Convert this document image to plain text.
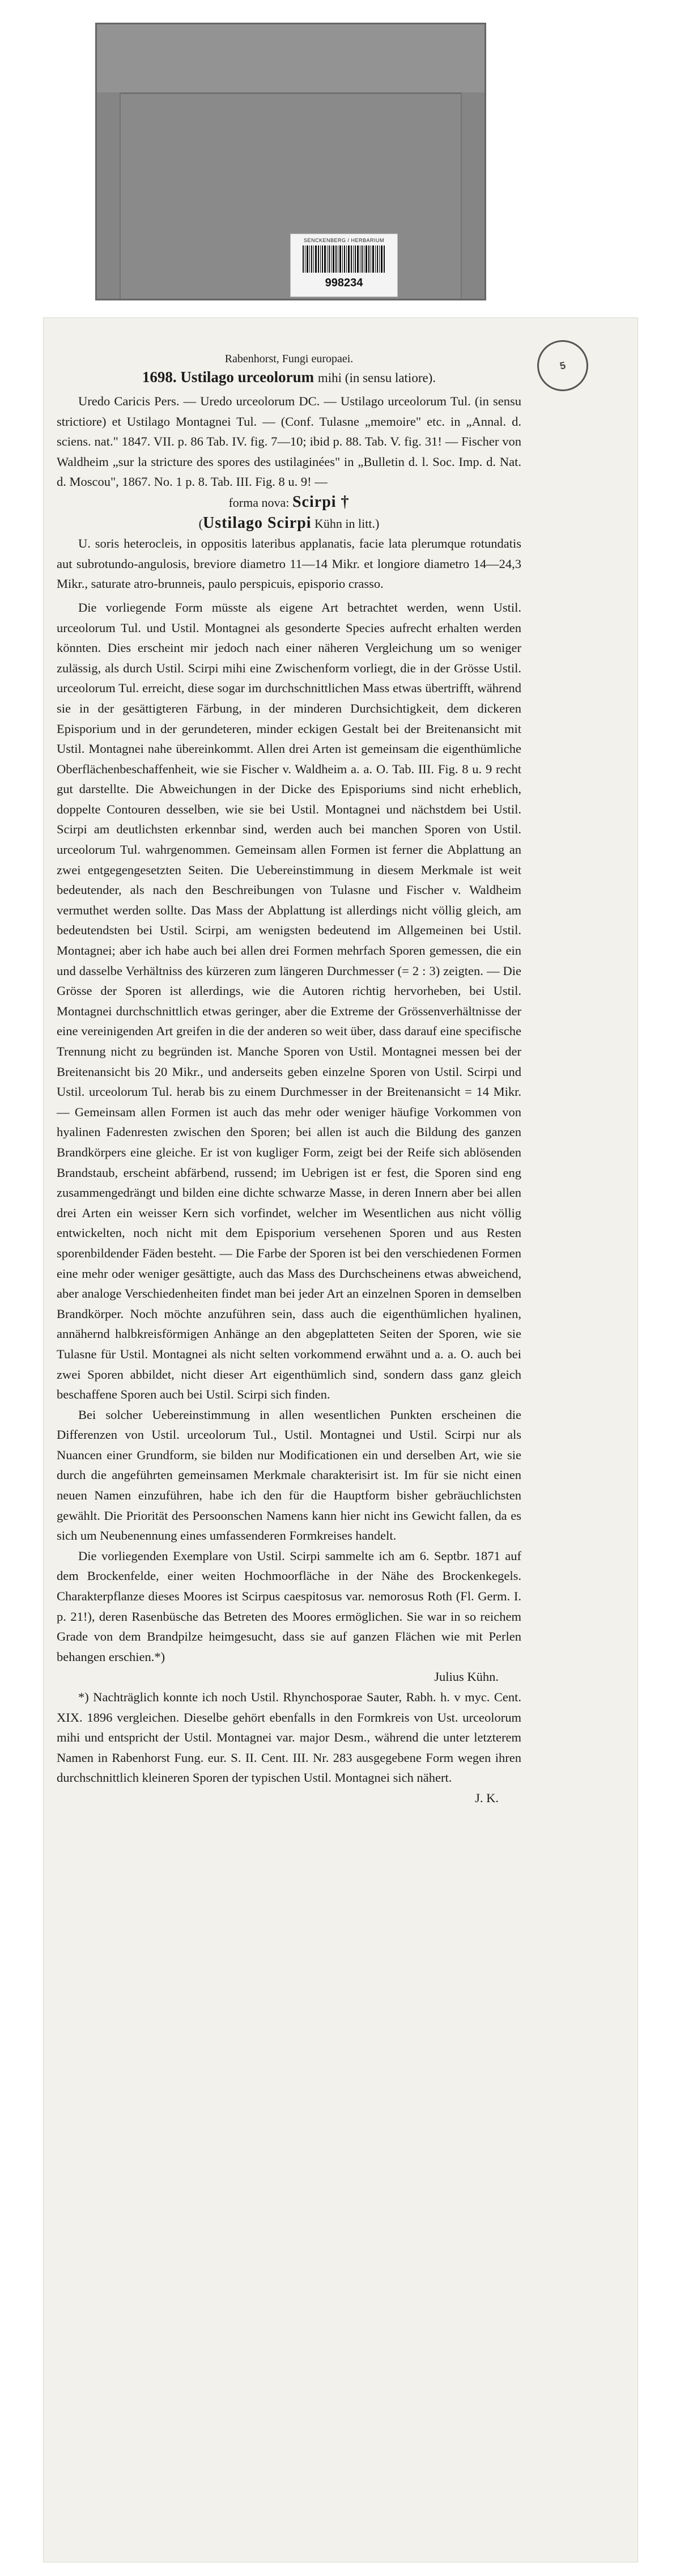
SENCKENBERG / HERBARIUM
998234
5

Rabenhorst, Fungi europaei.

1698. Ustilago urceolorum mihi (in sensu latiore).

Uredo Caricis Pers. — Uredo urceolorum DC. — Ustilago urceolorum Tul. (in sensu strictiore) et Ustilago Montagnei Tul. — (Conf. Tulasne „memoire" etc. in „Annal. d. sciens. nat." 1847. VII. p. 86 Tab. IV. fig. 7—10; ibid p. 88. Tab. V. fig. 31! — Fischer von Waldheim „sur la stricture des spores des ustilaginées" in „Bulletin d. l. Soc. Imp. d. Nat. d. Moscou", 1867. No. 1 p. 8. Tab. III. Fig. 8 u. 9! —

forma nova: Scirpi †

(Ustilago Scirpi Kühn in litt.)

U. soris heterocleis, in oppositis lateribus applanatis, facie lata plerumque rotundatis aut subrotundo-angulosis, breviore diametro 11—14 Mikr. et longiore diametro 14—24,3 Mikr., saturate atro-brunneis, paulo perspicuis, episporio crasso.

Die vorliegende Form müsste als eigene Art betrachtet werden, wenn Ustil. urceolorum Tul. und Ustil. Montagnei als gesonderte Species aufrecht erhalten werden könnten. Dies erscheint mir jedoch nach einer näheren Vergleichung um so weniger zulässig, als durch Ustil. Scirpi mihi eine Zwischenform vorliegt, die in der Grösse Ustil. urceolorum Tul. erreicht, diese sogar im durchschnittlichen Mass etwas übertrifft, während sie in der gesättigteren Färbung, in der minderen Durchsichtigkeit, dem dickeren Episporium und in der gerundeteren, minder eckigen Gestalt bei der Breitenansicht mit Ustil. Montagnei nahe übereinkommt. Allen drei Arten ist gemeinsam die eigenthümliche Oberflächenbeschaffenheit, wie sie Fischer v. Waldheim a. a. O. Tab. III. Fig. 8 u. 9 recht gut darstellte. Die Abweichungen in der Dicke des Episporiums sind nicht erheblich, doppelte Contouren desselben, wie sie bei Ustil. Montagnei und nächstdem bei Ustil. Scirpi am deutlichsten erkennbar sind, werden auch bei manchen Sporen von Ustil. urceolorum Tul. wahrgenommen. Gemeinsam allen Formen ist ferner die Abplattung an zwei entgegengesetzten Seiten. Die Uebereinstimmung in diesem Merkmale ist weit bedeutender, als nach den Beschreibungen von Tulasne und Fischer v. Waldheim vermuthet werden sollte. Das Mass der Abplattung ist allerdings nicht völlig gleich, am bedeutendsten bei Ustil. Scirpi, am wenigsten bedeutend im Allgemeinen bei Ustil. Montagnei; aber ich habe auch bei allen drei Formen mehrfach Sporen gemessen, die ein und dasselbe Verhältniss des kürzeren zum längeren Durchmesser (= 2 : 3) zeigten. — Die Grösse der Sporen ist allerdings, wie die Autoren richtig hervorheben, bei Ustil. Montagnei durchschnittlich etwas geringer, aber die Extreme der Grössenverhältnisse der eine vereinigenden Art greifen in die der anderen so weit über, dass darauf eine specifische Trennung nicht zu begründen ist. Manche Sporen von Ustil. Montagnei messen bei der Breitenansicht bis 20 Mikr., und anderseits geben einzelne Sporen von Ustil. Scirpi und Ustil. urceolorum Tul. herab bis zu einem Durchmesser in der Breitenansicht = 14 Mikr. — Gemeinsam allen Formen ist auch das mehr oder weniger häufige Vorkommen von hyalinen Fadenresten zwischen den Sporen; bei allen ist auch die Bildung des ganzen Brandkörpers eine gleiche. Er ist von kugliger Form, zeigt bei der Reife sich ablösenden Brandstaub, erscheint abfärbend, russend; im Uebrigen ist er fest, die Sporen sind eng zusammengedrängt und bilden eine dichte schwarze Masse, in deren Innern aber bei allen drei Arten ein weisser Kern sich vorfindet, welcher im Wesentlichen aus nicht völlig entwickelten, noch nicht mit dem Episporium versehenen Sporen und aus Resten sporenbildender Fäden besteht. — Die Farbe der Sporen ist bei den verschiedenen Formen eine mehr oder weniger gesättigte, auch das Mass des Durchscheinens etwas abweichend, aber analoge Verschiedenheiten findet man bei jeder Art an einzelnen Sporen in demselben Brandkörper. Noch möchte anzuführen sein, dass auch die eigenthümlichen hyalinen, annähernd halbkreisförmigen Anhänge an den abgeplatteten Seiten der Sporen, wie sie Tulasne für Ustil. Montagnei als nicht selten vorkommend erwähnt und a. a. O. auch bei zwei Sporen abbildet, nicht dieser Art eigenthümlich sind, sondern dass ganz gleich beschaffene Sporen auch bei Ustil. Scirpi sich finden.

Bei solcher Uebereinstimmung in allen wesentlichen Punkten erscheinen die Differenzen von Ustil. urceolorum Tul., Ustil. Montagnei und Ustil. Scirpi nur als Nuancen einer Grundform, sie bilden nur Modificationen ein und derselben Art, wie sie durch die angeführten gemeinsamen Merkmale charakterisirt ist. Im für sie nicht einen neuen Namen einzuführen, habe ich den für die Hauptform bisher gebräuchlichsten gewählt. Die Priorität des Persoonschen Namens kann hier nicht ins Gewicht fallen, da es sich um Neubenennung eines umfassenderen Formkreises handelt.

Die vorliegenden Exemplare von Ustil. Scirpi sammelte ich am 6. Septbr. 1871 auf dem Brockenfelde, einer weiten Hochmoorfläche in der Nähe des Brockenkegels. Charakterpflanze dieses Moores ist Scirpus caespitosus var. nemorosus Roth (Fl. Germ. I. p. 21!), deren Rasenbüsche das Betreten des Moores ermöglichen. Sie war in so reichem Grade von dem Brandpilze heimgesucht, dass sie auf ganzen Flächen wie mit Perlen behangen erschien.*)

Julius Kühn.

*) Nachträglich konnte ich noch Ustil. Rhynchosporae Sauter, Rabh. h. v myc. Cent. XIX. 1896 vergleichen. Dieselbe gehört ebenfalls in den Formkreis von Ust. urceolorum mihi und entspricht der Ustil. Montagnei var. major Desm., während die unter letzterem Namen in Rabenhorst Fung. eur. S. II. Cent. III. Nr. 283 ausgegebene Form wegen ihren durchschnittlich kleineren Sporen der typischen Ustil. Montagnei sich nähert.

J. K.
